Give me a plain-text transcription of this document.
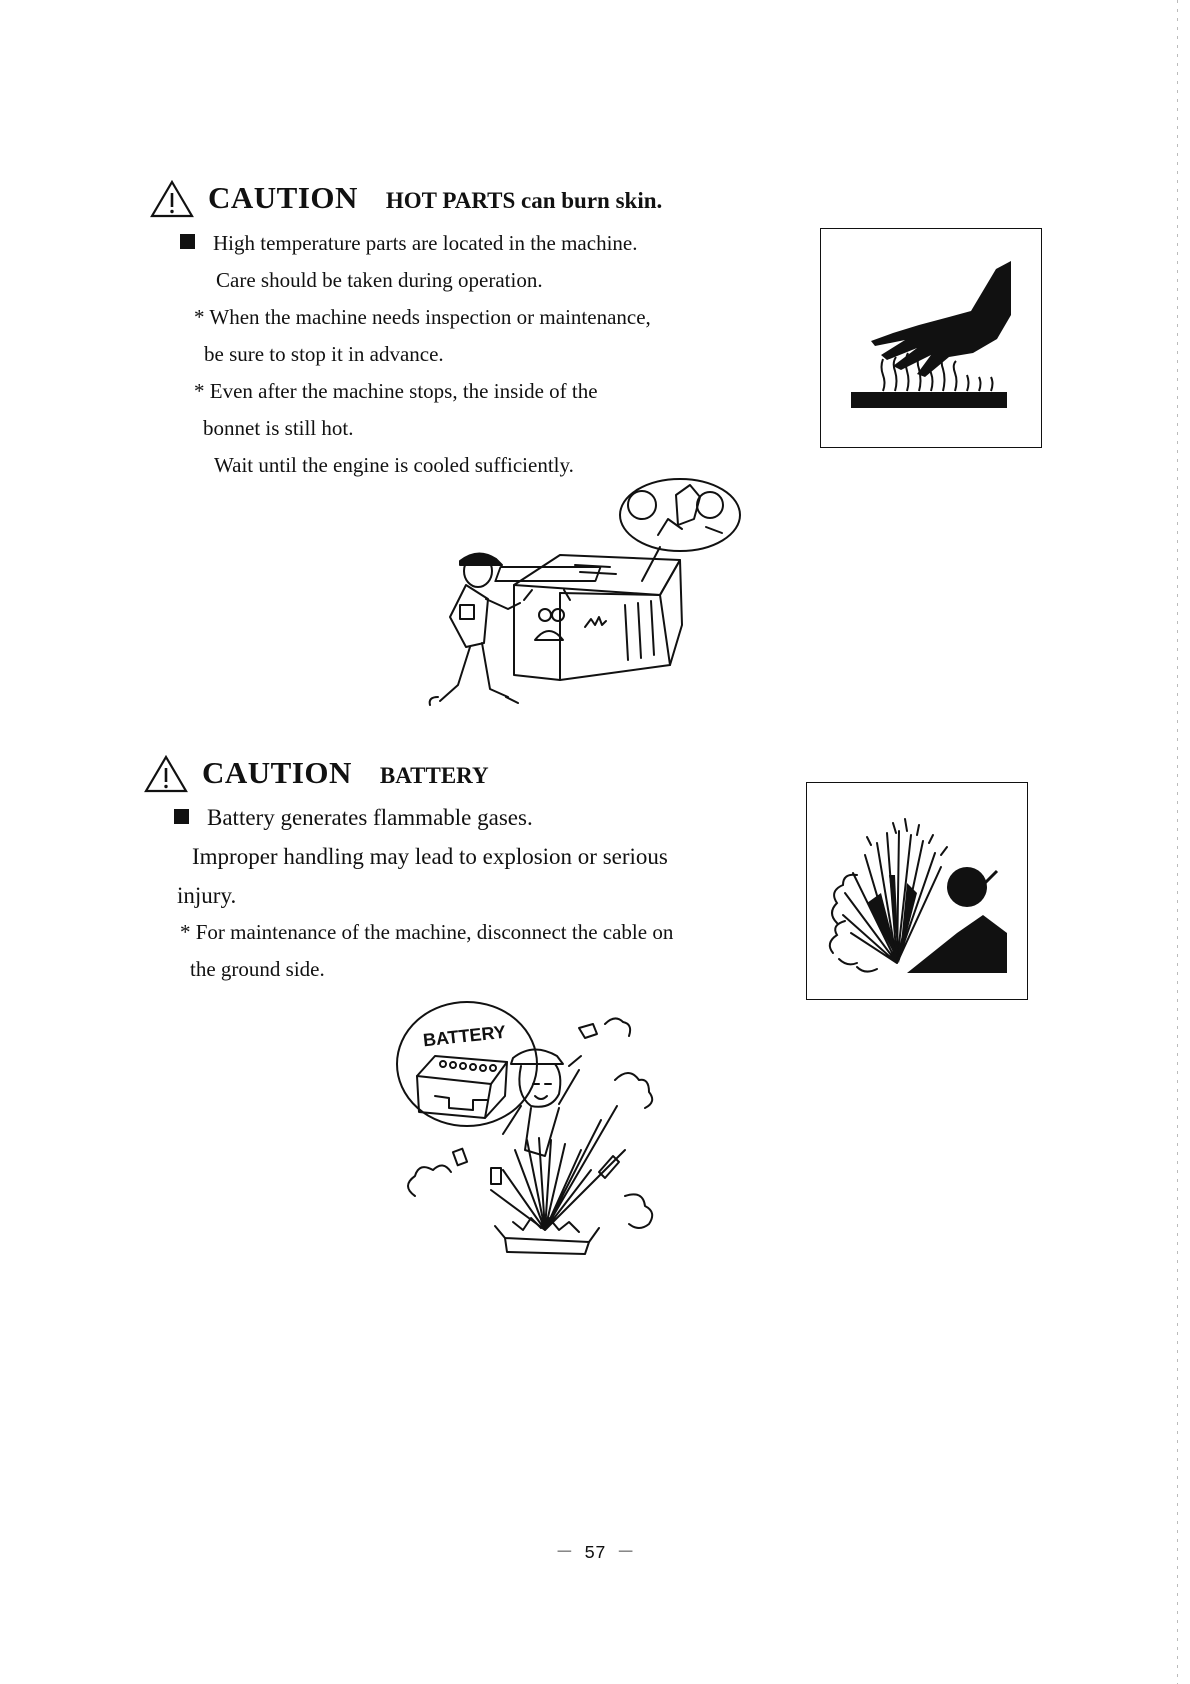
CAUTION HOT PARTS can burn skin.
High temperature parts are located in the machine.
Care should be taken during operation.
* When the machine needs inspection or maintenance,
be sure to stop it in advance.
* Even after the machine stops, the inside of the
bonnet is still hot.
Wait until the engine is cooled sufficiently.
CAUTION BATTERY
Battery generates flammable gases.
Improper handling may lead to explosion or serious
injury.
* For maintenance of the machine, disconnect the cable on
the ground side.
BATTERY
－ 57 －
